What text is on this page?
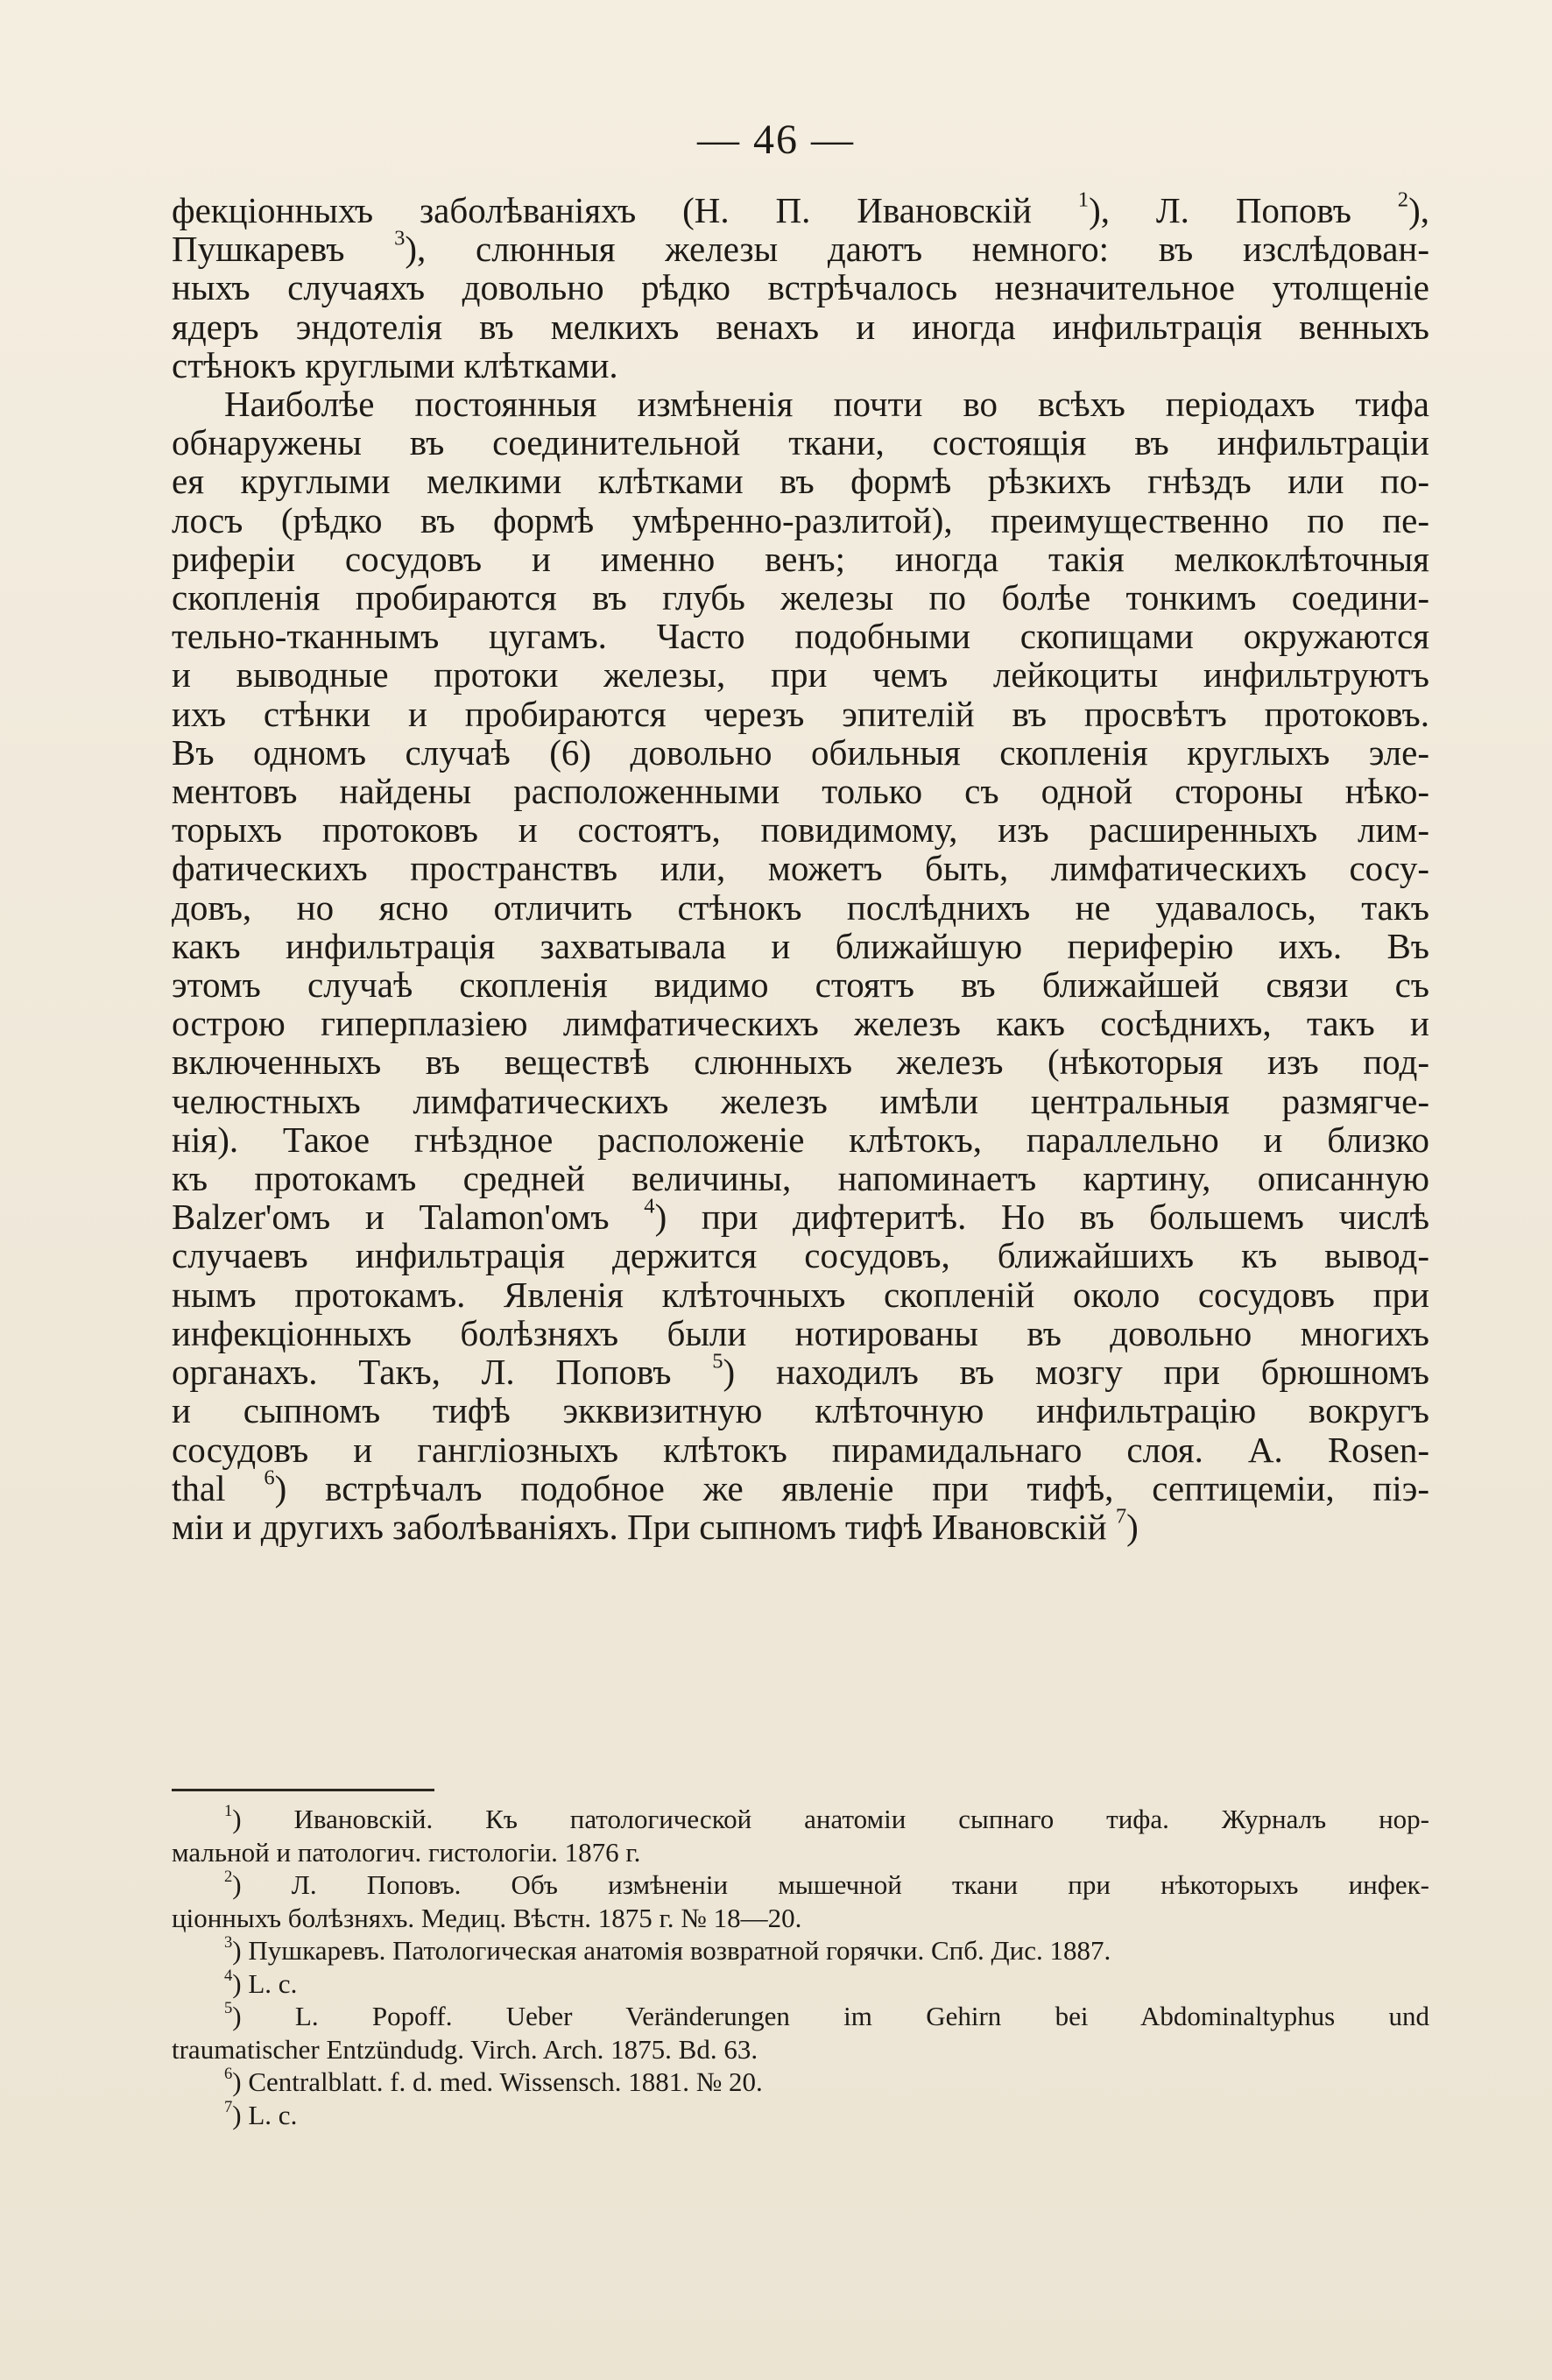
— 46 —
фекціонныхъ заболѣваніяхъ (Н. П. Ивановскій $^1$), Л. Поповъ $^2$),
Пушкаревъ $^3$), слюнныя железы даютъ немного: въ изслѣдован-
ныхъ случаяхъ довольно рѣдко встрѣчалось незначительное утолщеніе
ядеръ эндотелія въ мелкихъ венахъ и иногда инфильтрація венныхъ
стѣнокъ круглыми клѣтками.
Наиболѣе постоянныя измѣненія почти во всѣхъ періодахъ тифа
обнаружены въ соединительной ткани, состоящія въ инфильтраціи
ея круглыми мелкими клѣтками въ формѣ рѣзкихъ гнѣздъ или по-
лосъ (рѣдко въ формѣ умѣренно-разлитой), преимущественно по пе-
риферіи сосудовъ и именно венъ; иногда такія мелкоклѣточныя
скопленія пробираются въ глубь железы по болѣе тонкимъ соедини-
тельно-тканнымъ цугамъ. Часто подобными скопищами окружаются
и выводные протоки железы, при чемъ лейкоциты инфильтруютъ
ихъ стѣнки и пробираются черезъ эпителій въ просвѣтъ протоковъ.
Въ одномъ случаѣ (6) довольно обильныя скопленія круглыхъ эле-
ментовъ найдены расположенными только съ одной стороны нѣко-
торыхъ протоковъ и состоятъ, повидимому, изъ расширенныхъ лим-
фатическихъ пространствъ или, можетъ быть, лимфатическихъ сосу-
довъ, но ясно отличить стѣнокъ послѣднихъ не удавалось, такъ
какъ инфильтрація захватывала и ближайшую периферію ихъ. Въ
этомъ случаѣ скопленія видимо стоятъ въ ближайшей связи съ
острою гиперплазіею лимфатическихъ железъ какъ сосѣднихъ, такъ и
включенныхъ въ веществѣ слюнныхъ железъ (нѣкоторыя изъ под-
челюстныхъ лимфатическихъ железъ имѣли центральныя размягче-
нія). Такое гнѣздное расположеніе клѣтокъ, параллельно и близко
къ протокамъ средней величины, напоминаетъ картину, описанную
Balzer'омъ и Talamon'омъ $^4$) при дифтеритѣ. Но въ большемъ числѣ
случаевъ инфильтрація держится сосудовъ, ближайшихъ къ вывод-
нымъ протокамъ. Явленія клѣточныхъ скопленій около сосудовъ при
инфекціонныхъ болѣзняхъ были нотированы въ довольно многихъ
органахъ. Такъ, Л. Поповъ $^5$) находилъ въ мозгу при брюшномъ
и сыпномъ тифѣ экквизитную клѣточную инфильтрацію вокругъ
сосудовъ и ганглiозныхъ клѣтокъ пирамидальнаго слоя. A. Rosen-
thal $^6$) встрѣчалъ подобное же явленіе при тифѣ, септицеміи, піэ-
міи и другихъ заболѣваніяхъ. При сыпномъ тифѣ Ивановскій $^7$)
$^1$) Ивановскій. Къ патологической анатоміи сыпнаго тифа. Журналъ нор-
мальной и патологич. гистологіи. 1876 г.
$^2$) Л. Поповъ. Объ измѣненіи мышечной ткани при нѣкоторыхъ инфек-
ціонныхъ болѣзняхъ. Медиц. Вѣстн. 1875 г. № 18—20.
$^3$) Пушкаревъ. Патологическая анатомія возвратной горячки. Спб. Дис. 1887.
$^4$) L. c.
$^5$) L. Popoff. Ueber Veränderungen im Gehirn bei Abdominaltyphus und
traumatischer Entzündudg. Virch. Arch. 1875. Bd. 63.
$^6$) Centralblatt. f. d. med. Wissensch. 1881. № 20.
$^7$) L. c.
